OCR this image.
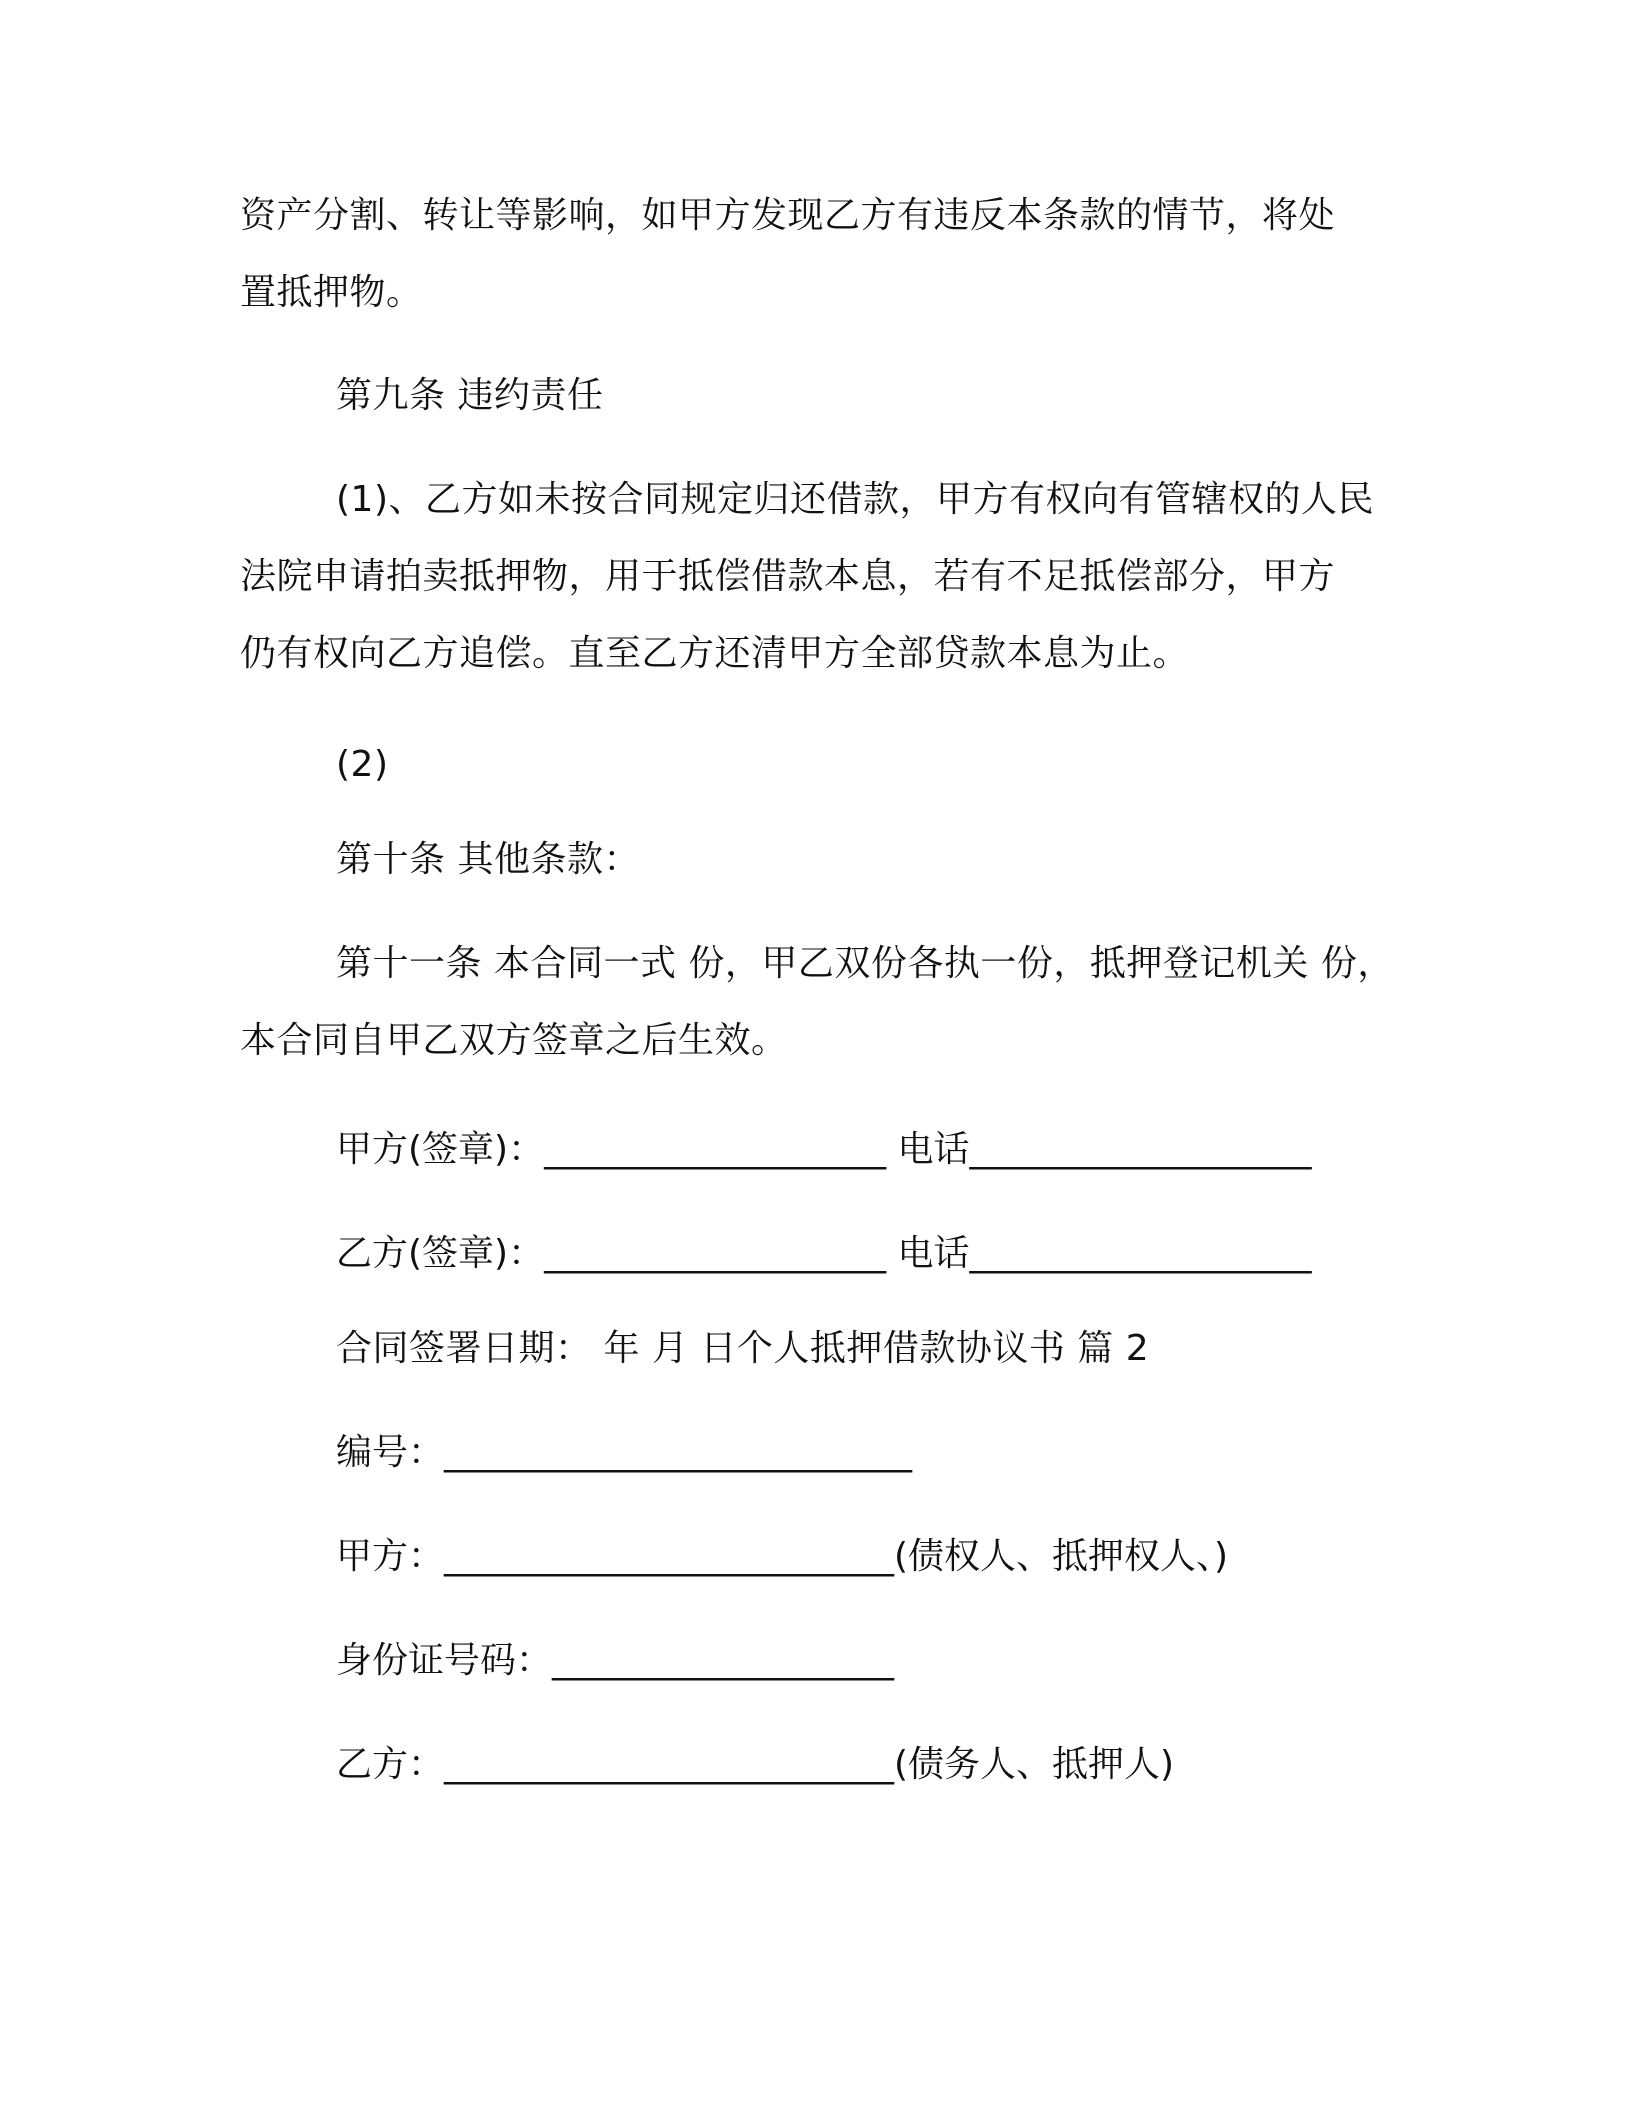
资产分割、转让等影响，如甲方发现乙方有违反本条款的情节，将处
置抵押物。
第九条 违约责任
(1)、乙方如未按合同规定归还借款，甲方有权向有管辖权的人民
法院申请拍卖抵押物，用于抵偿借款本息，若有不足抵偿部分，甲方
仍有权向乙方追偿。直至乙方还清甲方全部贷款本息为止。
(2)
第十条 其他条款：
第十一条 本合同一式 份，甲乙双份各执一份，抵押登记机关 份，
本合同自甲乙双方签章之后生效。
甲方(签章)：___________________ 电话___________________
乙方(签章)：___________________ 电话___________________
合同签署日期： 年 月 日个人抵押借款协议书 篇 2
编号：__________________________
甲方：_________________________(债权人、抵押权人、)
身份证号码：___________________
乙方：_________________________(债务人、抵押人)
